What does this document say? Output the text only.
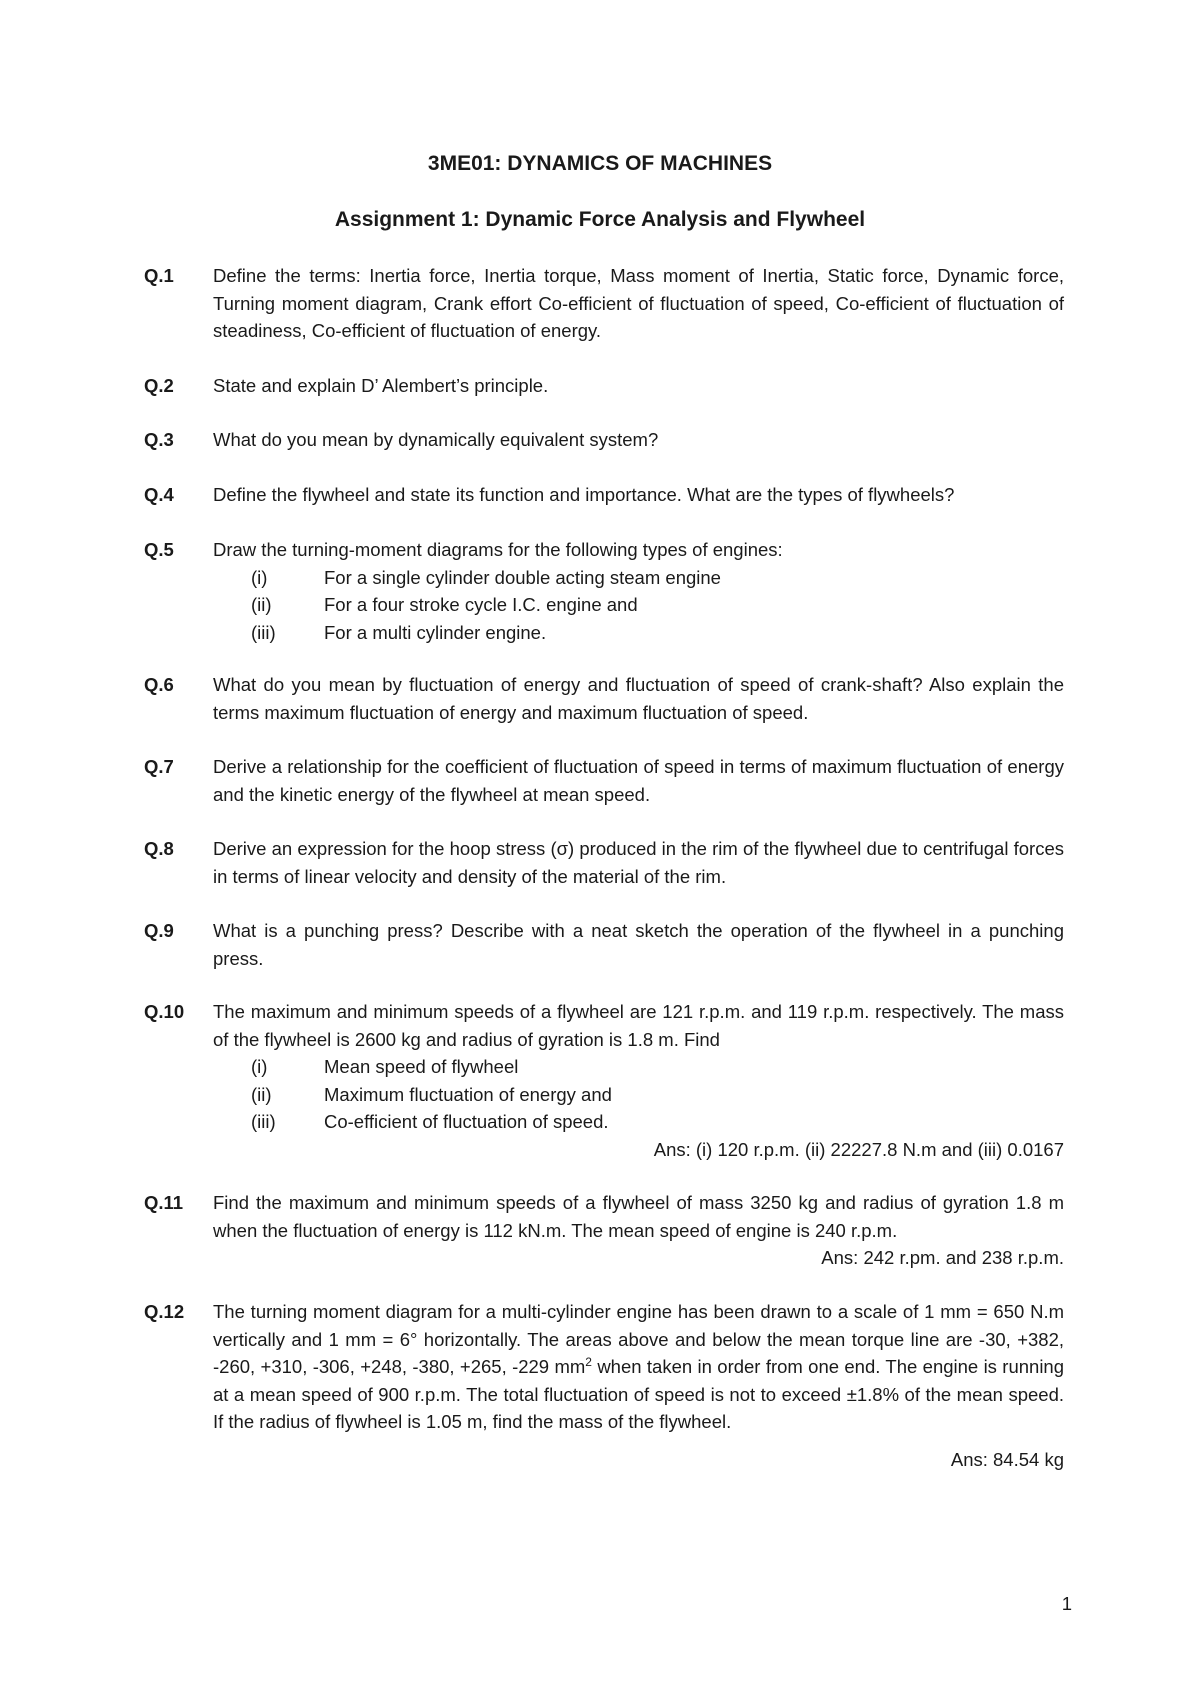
3ME01: DYNAMICS OF MACHINES
Assignment 1: Dynamic Force Analysis and Flywheel
Q.1	Define the terms: Inertia force, Inertia torque, Mass moment of Inertia, Static force, Dynamic force, Turning moment diagram, Crank effort Co-efficient of fluctuation of speed, Co-efficient of fluctuation of steadiness, Co-efficient of fluctuation of energy.

Q.2	State and explain D’ Alembert’s principle.

Q.3	What do you mean by dynamically equivalent system?

Q.4	Define the flywheel and state its function and importance. What are the types of flywheels?

Q.5	Draw the turning-moment diagrams for the following types of engines:

(i)	For a single cylinder double acting steam engine
(ii)	For a four stroke cycle I.C. engine and
(iii)	For a multi cylinder engine.
Q.6	What do you mean by fluctuation of energy and fluctuation of speed of crank-shaft? Also explain the terms maximum fluctuation of energy and maximum fluctuation of speed.

Q.7	Derive a relationship for the coefficient of fluctuation of speed in terms of maximum fluctuation of energy and the kinetic energy of the flywheel at mean speed.

Q.8	Derive an expression for the hoop stress (σ) produced in the rim of the flywheel due to centrifugal forces in terms of linear velocity and density of the material of the rim.

Q.9	What is a punching press? Describe with a neat sketch the operation of the flywheel in a punching press.

Q.10	The maximum and minimum speeds of a flywheel are 121 r.p.m. and 119 r.p.m. respectively. The mass of the flywheel is 2600 kg and radius of gyration is 1.8 m. Find

(i)	Mean speed of flywheel
(ii)	Maximum fluctuation of energy and
(iii)	Co-efficient of fluctuation of speed.

Ans: (i) 120 r.p.m. (ii) 22227.8 N.m and (iii) 0.0167

Q.11	Find the maximum and minimum speeds of a flywheel of mass 3250 kg and radius of gyration 1.8 m when the fluctuation of energy is 112 kN.m. The mean speed of engine is 240 r.p.m.

Ans: 242 r.pm. and 238 r.p.m.

Q.12	The turning moment diagram for a multi-cylinder engine has been drawn to a scale of 1 mm = 650 N.m vertically and 1 mm = 6° horizontally. The areas above and below the mean torque line are -30, +382, -260, +310, -306, +248, -380, +265, -229 $mm^2$ when taken in order from one end. The engine is running at a mean speed of 900 r.p.m. The total fluctuation of speed is not to exceed ±1.8% of the mean speed. If the radius of flywheel is 1.05 m, find the mass of the flywheel.

Ans: 84.54 kg

1
